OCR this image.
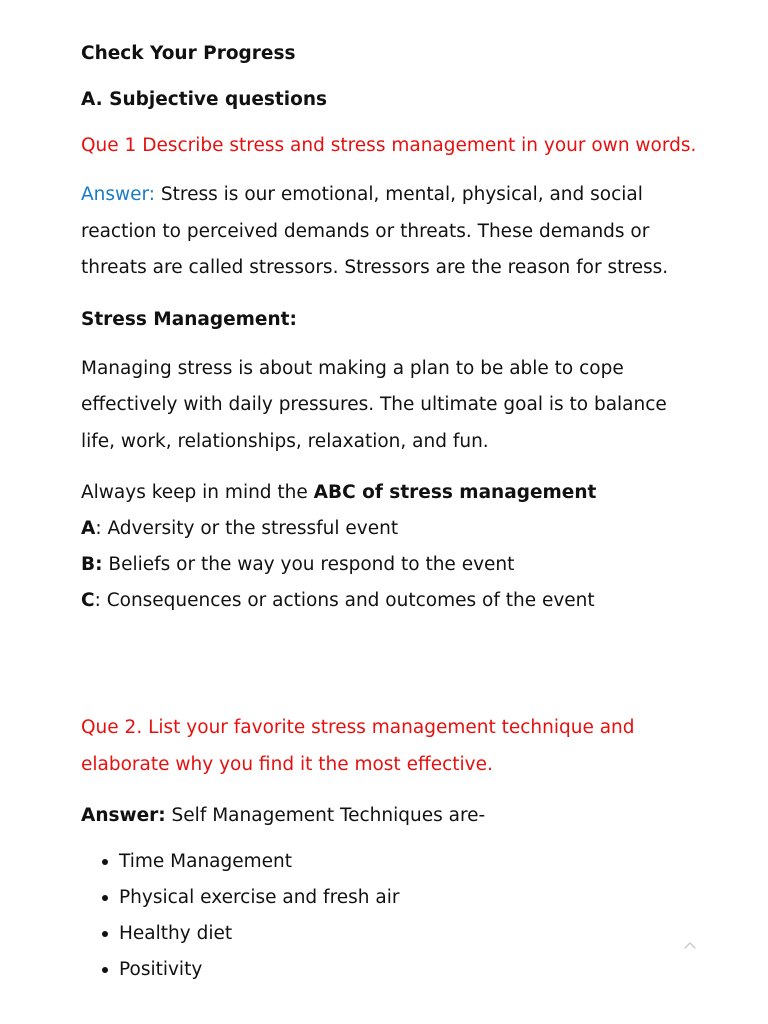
Check Your Progress
A. Subjective questions
Que 1 Describe stress and stress management in your own words.
Answer: Stress is our emotional, mental, physical, and social reaction to perceived demands or threats. These demands or threats are called stressors. Stressors are the reason for stress.
Stress Management:
Managing stress is about making a plan to be able to cope effectively with daily pressures. The ultimate goal is to balance life, work, relationships, relaxation, and fun.
Always keep in mind the ABC of stress management
A: Adversity or the stressful event
B: Beliefs or the way you respond to the event
C: Consequences or actions and outcomes of the event
Que 2. List your favorite stress management technique and elaborate why you find it the most effective.
Answer: Self Management Techniques are-
Time Management
Physical exercise and fresh air
Healthy diet
Positivity
